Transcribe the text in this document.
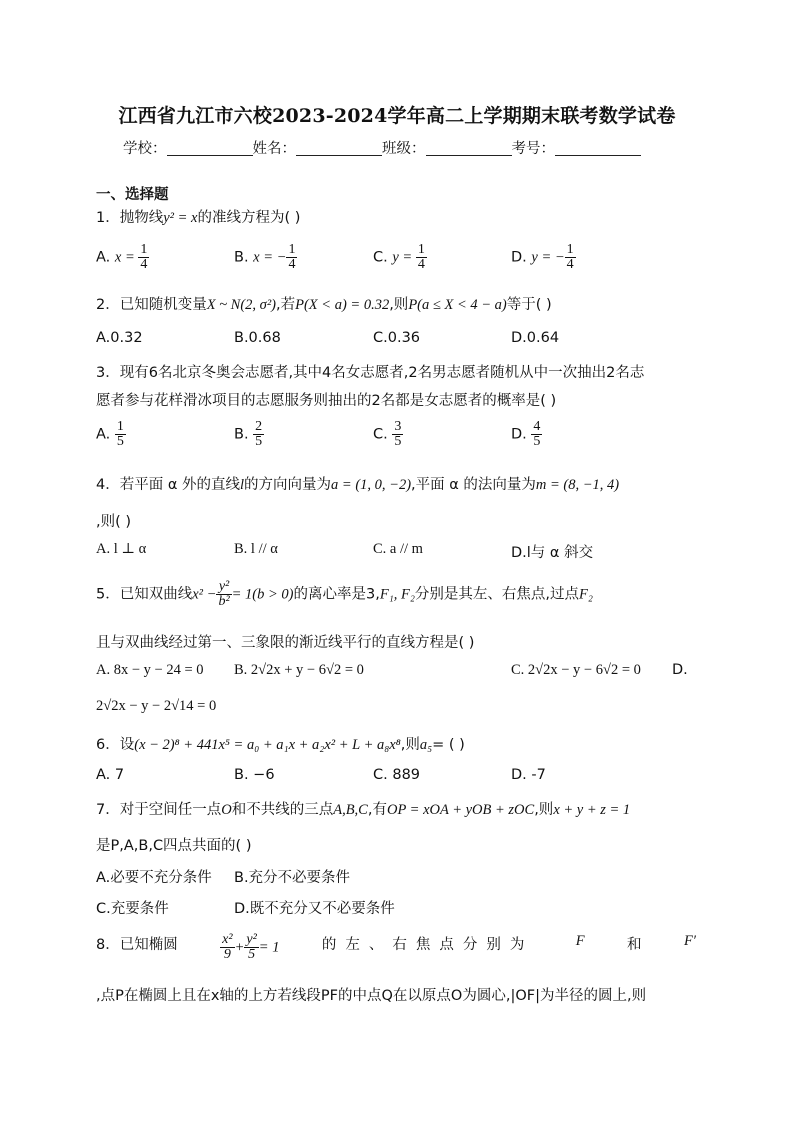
江西省九江市六校2023-2024学年高二上学期期末联考数学试卷
学校：	姓名：	班级：	考号：
一、选择题
1．抛物线y² = x的准线方程为( )
A. $x = \frac{1}{4}$	B. x = − $\frac{1}{4}$	C. $y = \frac{1}{4}$	D. y = − $\frac{1}{4}$
2．已知随机变量X ~ N(2, σ²),若P(X < a) = 0.32,则P(a ≤ X < 4 − a)等于( )
A.0.32	B.0.68	C.0.36	D.0.64
3．现有6名北京冬奥会志愿者,其中4名女志愿者,2名男志愿者随机从中一次抽出2名志
愿者参与花样滑冰项目的志愿服务则抽出的2名都是女志愿者的概率是( )
A. $\frac{1}{5}$	B. $\frac{2}{5}$	C. $\frac{3}{5}$	D. $\frac{4}{5}$
4．若平面 α 外的直线l的方向向量为a = (1, 0, −2),平面 α 的法向量为m = (8, −1, 4)
,则( )
A. l ⊥ α	B. l // α	C. a // m	D.l与 α 斜交
5．已知双曲线$x^2 - \frac{\text{y²}}{\text{b²}} = 1(b > 0)$的离心率是3,F₁, F₂分别是其左、右焦点,过点F₂
且与双曲线经过第一、三象限的渐近线平行的直线方程是( )
A. 8x − y − 24 = 0 B. 2√2x + y − 6√2 = 0	C. 2√2x − y − 6√2 = 0 D.
2√2x − y − 2√14 = 0
6．设(x − 2)⁸ + 441x⁵ = a₀ + a₁x + a₂x² + L + a₈x⁸,则a₅= ( )
A. 7	B. −6	C. 889	D. -7
7．对于空间任一点O和不共线的三点A,B,C,有OP = xOA + yOB + zOC,则x + y + z = 1
是P,A,B,C四点共面的( )
A.必要不充分条件 B.充分不必要条件
C.充要条件	D.既不充分又不必要条件
8．已知椭圆	$\frac{\text{x²}}{9} + \frac{\text{y²}}{5} = 1$	的左、右焦点分别为	F	和	F′
,点P在椭圆上且在x轴的上方若线段PF的中点Q在以原点O为圆心,|OF|为半径的圆上,则
